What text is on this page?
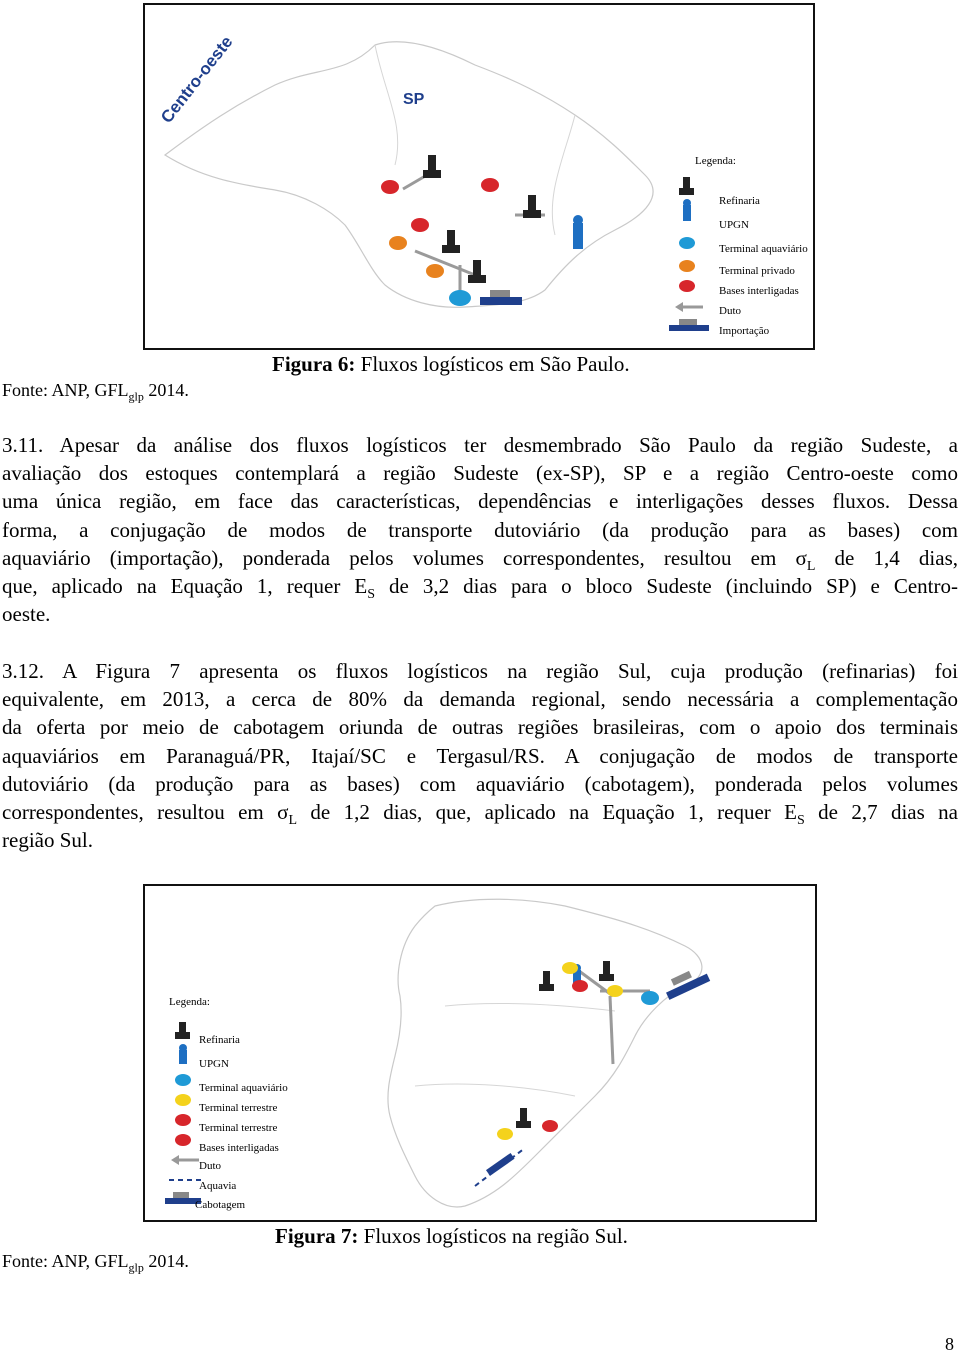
Centro-oeste	SP
Legenda:
Refinaria
UPGN
Terminal aquaviário
Terminal privado
Bases interligadas
Duto
Importação
Figura 6: Fluxos logísticos em São Paulo.
Fonte: ANP, $GFL_{glp}$ 2014.
3.11. Apesar da análise dos fluxos logísticos ter desmembrado São Paulo da região Sudeste, a
avaliação dos estoques contemplará a região Sudeste (ex-SP), SP e a região Centro-oeste como
uma única região, em face das características, dependências e interligações desses fluxos. Dessa
forma, a conjugação de modos de transporte dutoviário (da produção para as bases) com
aquaviário (importação), ponderada pelos volumes correspondentes, resultou em $\sigma_L$ de 1,4 dias,
que, aplicado na Equação 1, requer $E_S$ de 3,2 dias para o bloco Sudeste (incluindo SP) e Centro-
oeste.
3.12. A Figura 7 apresenta os fluxos logísticos na região Sul, cuja produção (refinarias) foi
equivalente, em 2013, a cerca de 80% da demanda regional, sendo necessária a complementação
da oferta por meio de cabotagem oriunda de outras regiões brasileiras, com o apoio dos terminais
aquaviários em Paranaguá/PR, Itajaí/SC e Tergasul/RS. A conjugação de modos de transporte
dutoviário (da produção para as bases) com aquaviário (cabotagem), ponderada pelos volumes
correspondentes, resultou em $\sigma_L$ de 1,2 dias, que, aplicado na Equação 1, requer $E_S$ de 2,7 dias na
região Sul.
Legenda:
Refinaria
UPGN
Terminal aquaviário
Terminal terrestre
Terminal terrestre
Bases interligadas
Duto
Aquavia
Cabotagem
Figura 7: Fluxos logísticos na região Sul.
Fonte: ANP, $GFL_{glp}$ 2014.
8
